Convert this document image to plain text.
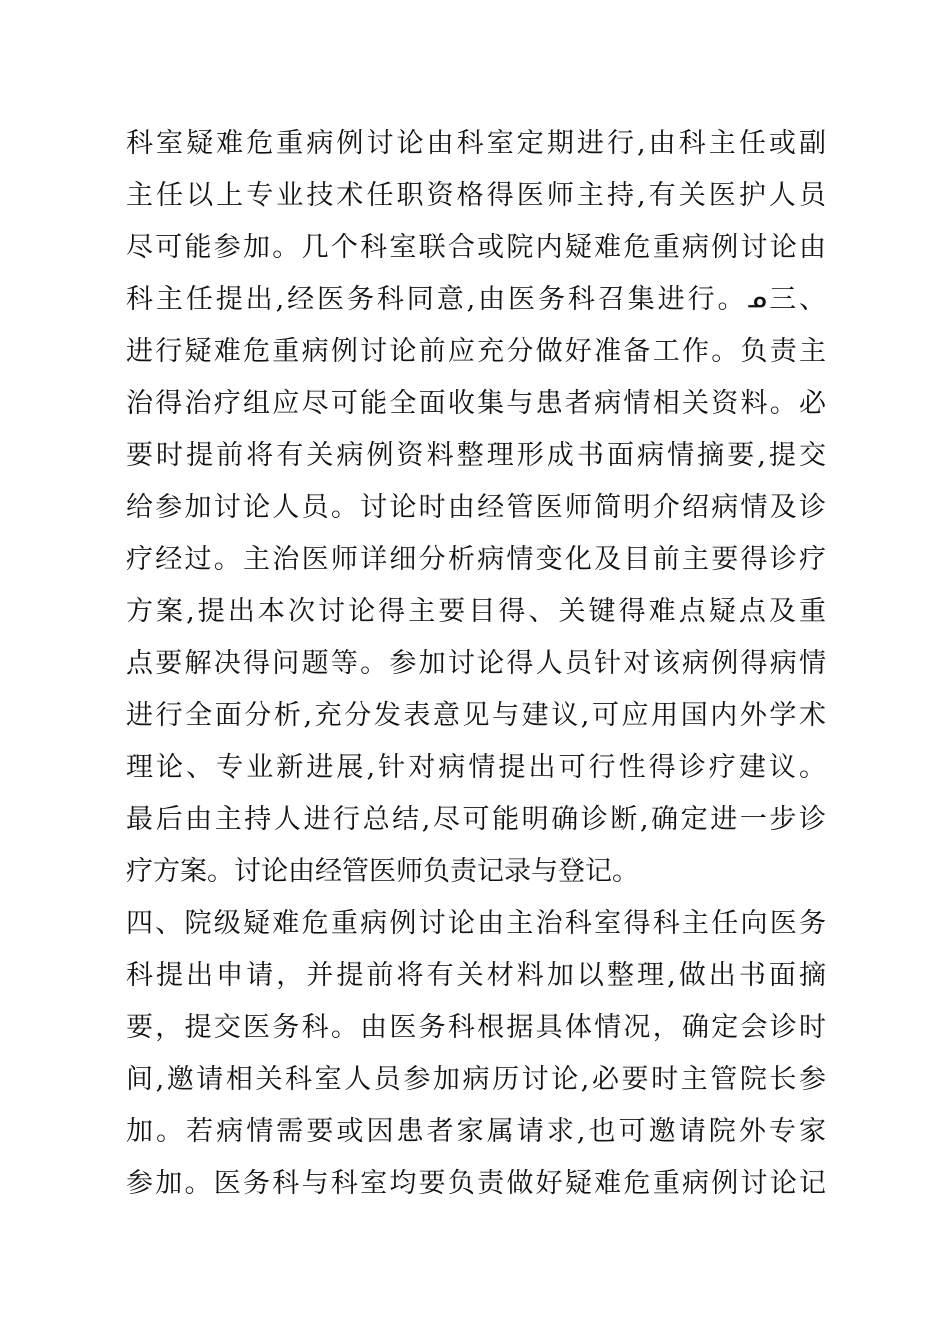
科室疑难危重病例讨论由科室定期进行,由科主任或副
主任以上专业技术任职资格得医师主持,有关医护人员
尽可能参加。几个科室联合或院内疑难危重病例讨论由
科主任提出,经医务科同意,由医务科召集进行。ᓄ三、
进行疑难危重病例讨论前应充分做好准备工作。负责主
治得治疗组应尽可能全面收集与患者病情相关资料。必
要时提前将有关病例资料整理形成书面病情摘要,提交
给参加讨论人员。讨论时由经管医师简明介绍病情及诊
疗经过。主治医师详细分析病情变化及目前主要得诊疗
方案,提出本次讨论得主要目得、关键得难点疑点及重
点要解决得问题等。参加讨论得人员针对该病例得病情
进行全面分析,充分发表意见与建议,可应用国内外学术
理论、专业新进展,针对病情提出可行性得诊疗建议。
最后由主持人进行总结,尽可能明确诊断,确定进一步诊
疗方案。讨论由经管医师负责记录与登记。
四、院级疑难危重病例讨论由主治科室得科主任向医务
科提出申请，并提前将有关材料加以整理,做出书面摘
要，提交医务科。由医务科根据具体情况，确定会诊时
间,邀请相关科室人员参加病历讨论,必要时主管院长参
加。若病情需要或因患者家属请求,也可邀请院外专家
参加。医务科与科室均要负责做好疑难危重病例讨论记
